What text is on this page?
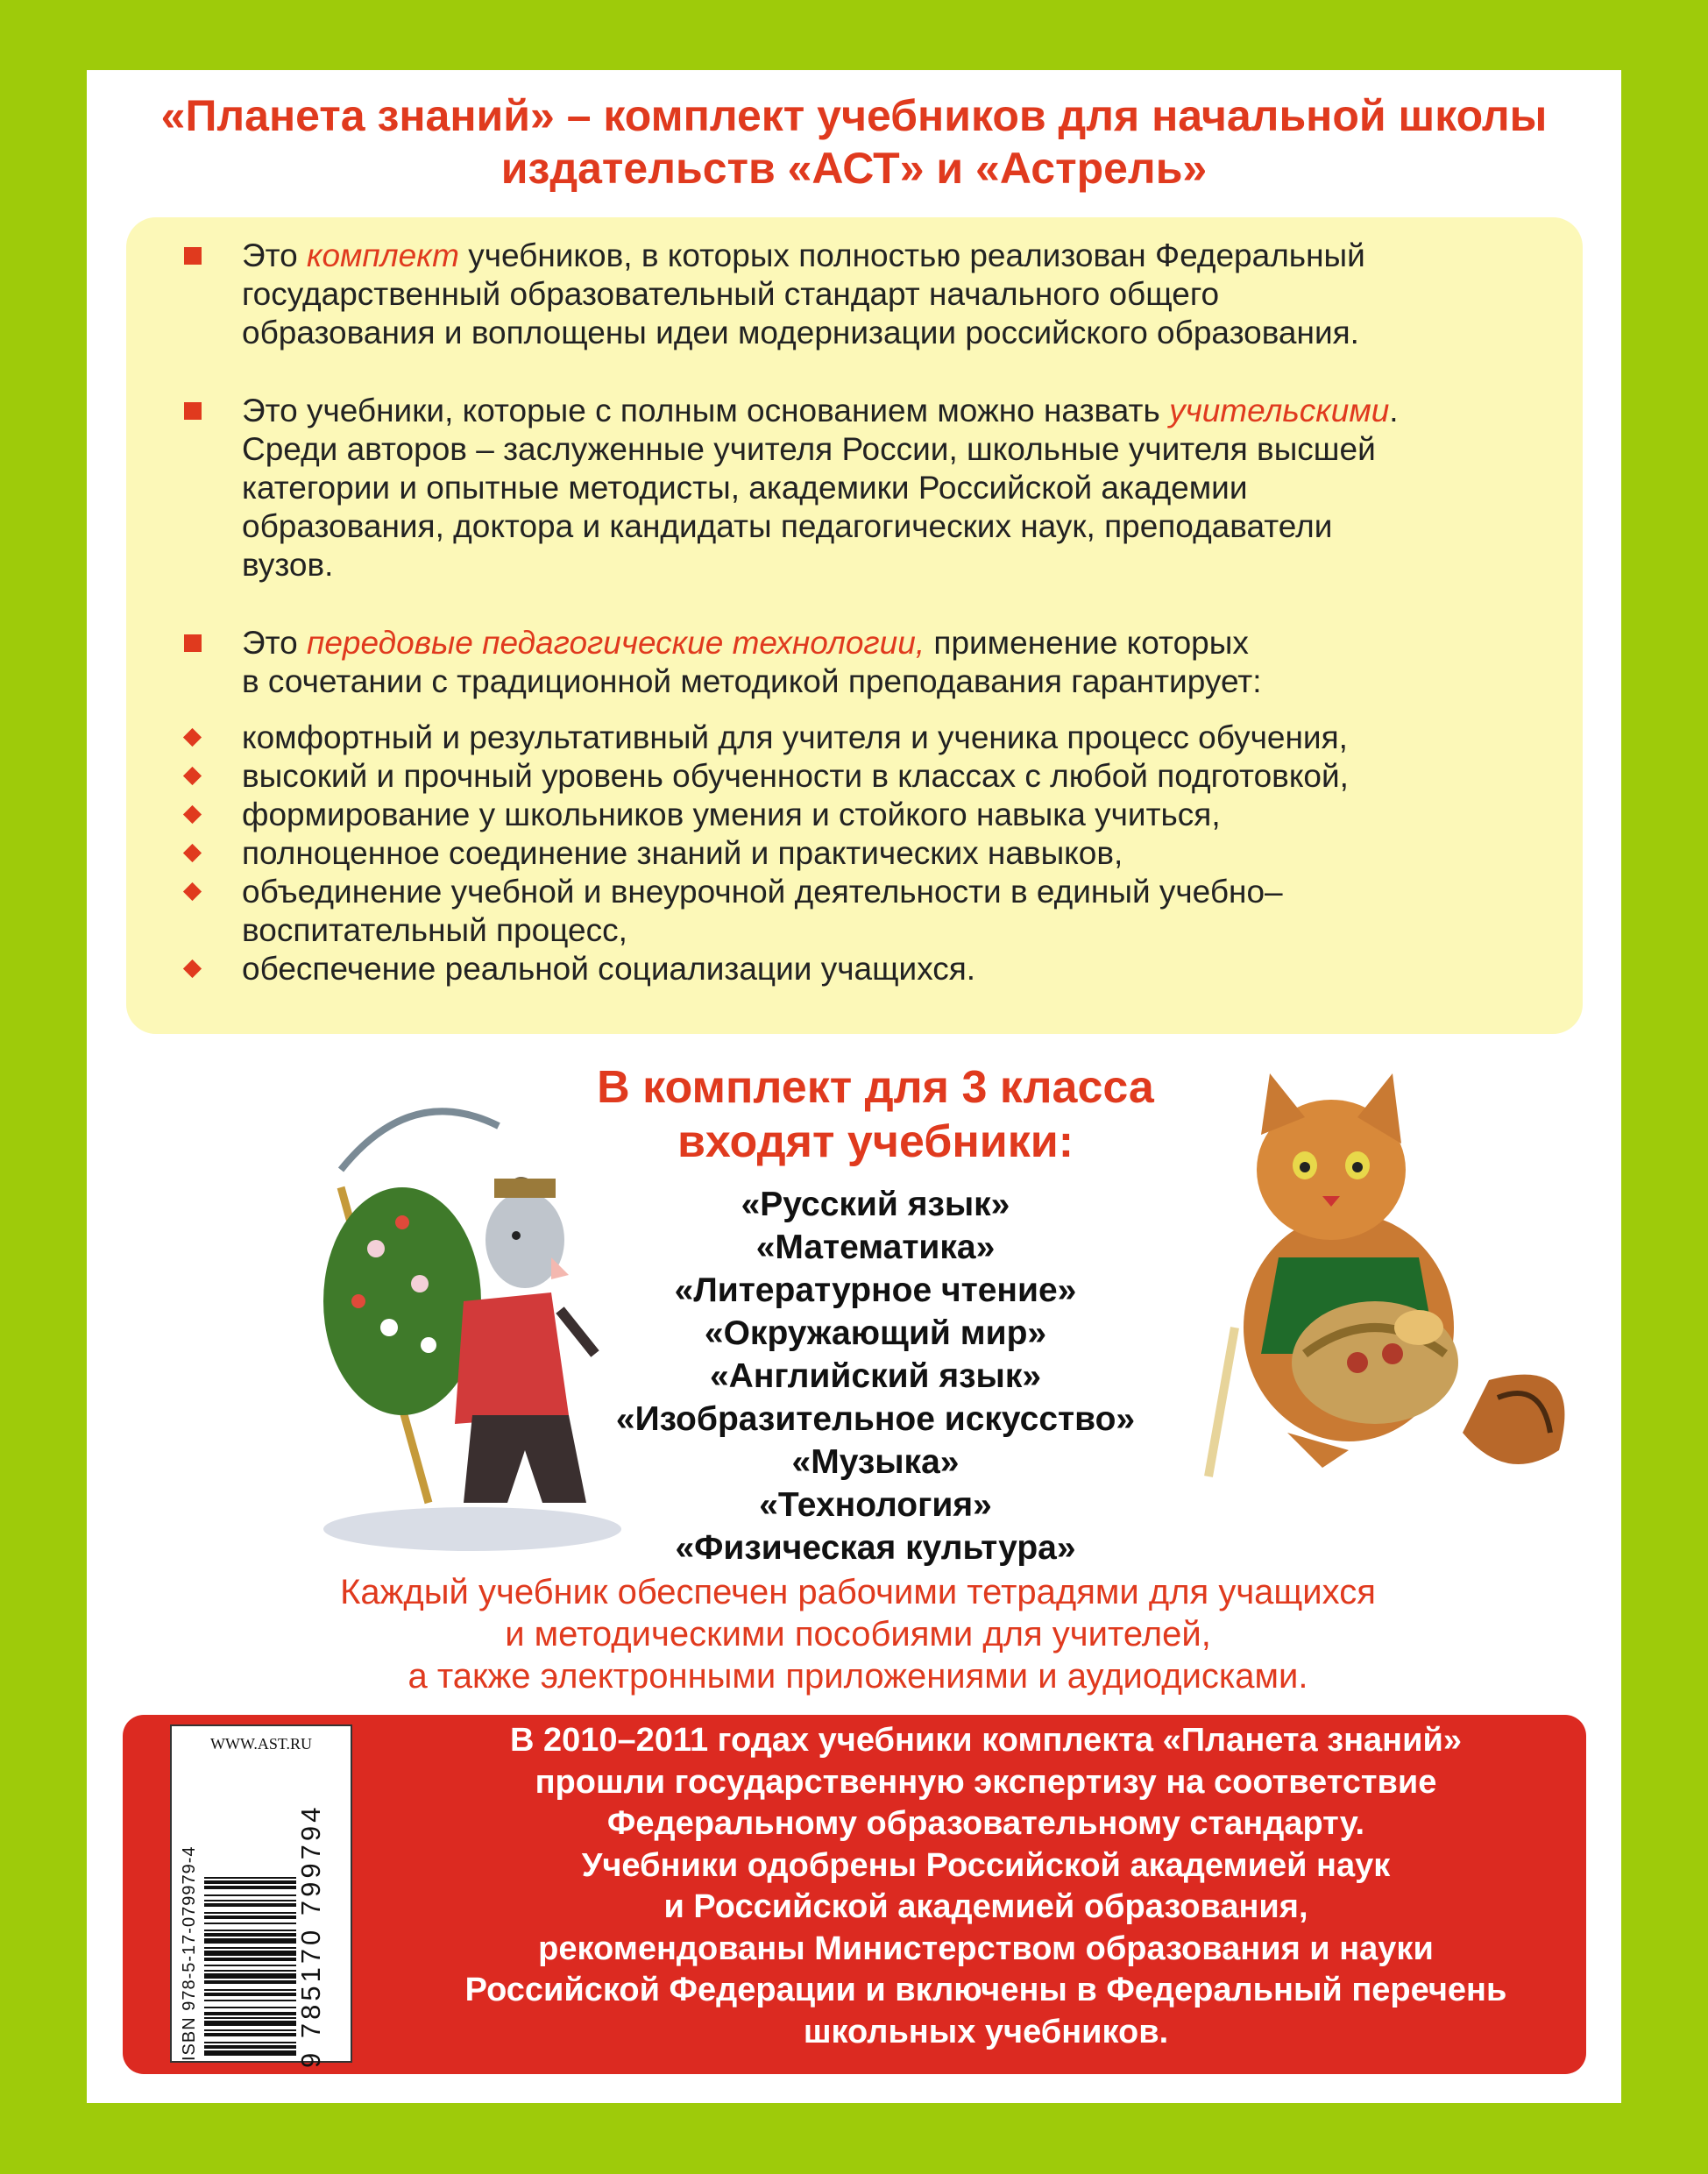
«Планета знаний» – комплект учебников для начальной школы
издательств «АСТ» и «Астрель»
Это комплект учебников, в которых полностью реализован Федеральный
государственный образовательный стандарт начального общего
образования и воплощены идеи модернизации российского образования.
Это учебники, которые с полным основанием можно назвать учительскими.
Среди авторов – заслуженные учителя России, школьные учителя высшей
категории и опытные методисты, академики Российской академии
образования, доктора и кандидаты педагогических наук, преподаватели
вузов.
Это передовые педагогические технологии, применение которых
в сочетании с традиционной методикой преподавания гарантирует:
комфортный и результативный для учителя и ученика процесс обучения,
высокий и прочный уровень обученности в классах с любой подготовкой,
формирование у школьников умения и стойкого навыка учиться,
полноценное соединение знаний и практических навыков,
объединение учебной и внеурочной деятельности в единый учебно–
воспитательный процесс,
обеспечение реальной социализации учащихся.
В комплект для 3 класса
входят учебники:
«Русский язык»
«Математика»
«Литературное чтение»
«Окружающий мир»
«Английский язык»
«Изобразительное искусство»
«Музыка»
«Технология»
«Физическая культура»
Каждый учебник обеспечен рабочими тетрадями для учащихся
и методическими пособиями для учителей,
а также электронными приложениями и аудиодисками.
В 2010–2011 годах учебники комплекта «Планета знаний»
прошли государственную экспертизу на соответствие
Федеральному образовательному стандарту.
Учебники одобрены Российской академией наук
и Российской академией образования,
рекомендованы Министерством образования и науки
Российской Федерации и включены в Федеральный перечень
школьных учебников.
WWW.AST.RU
ISBN 978-5-17-079979-4	9 785170 799794
